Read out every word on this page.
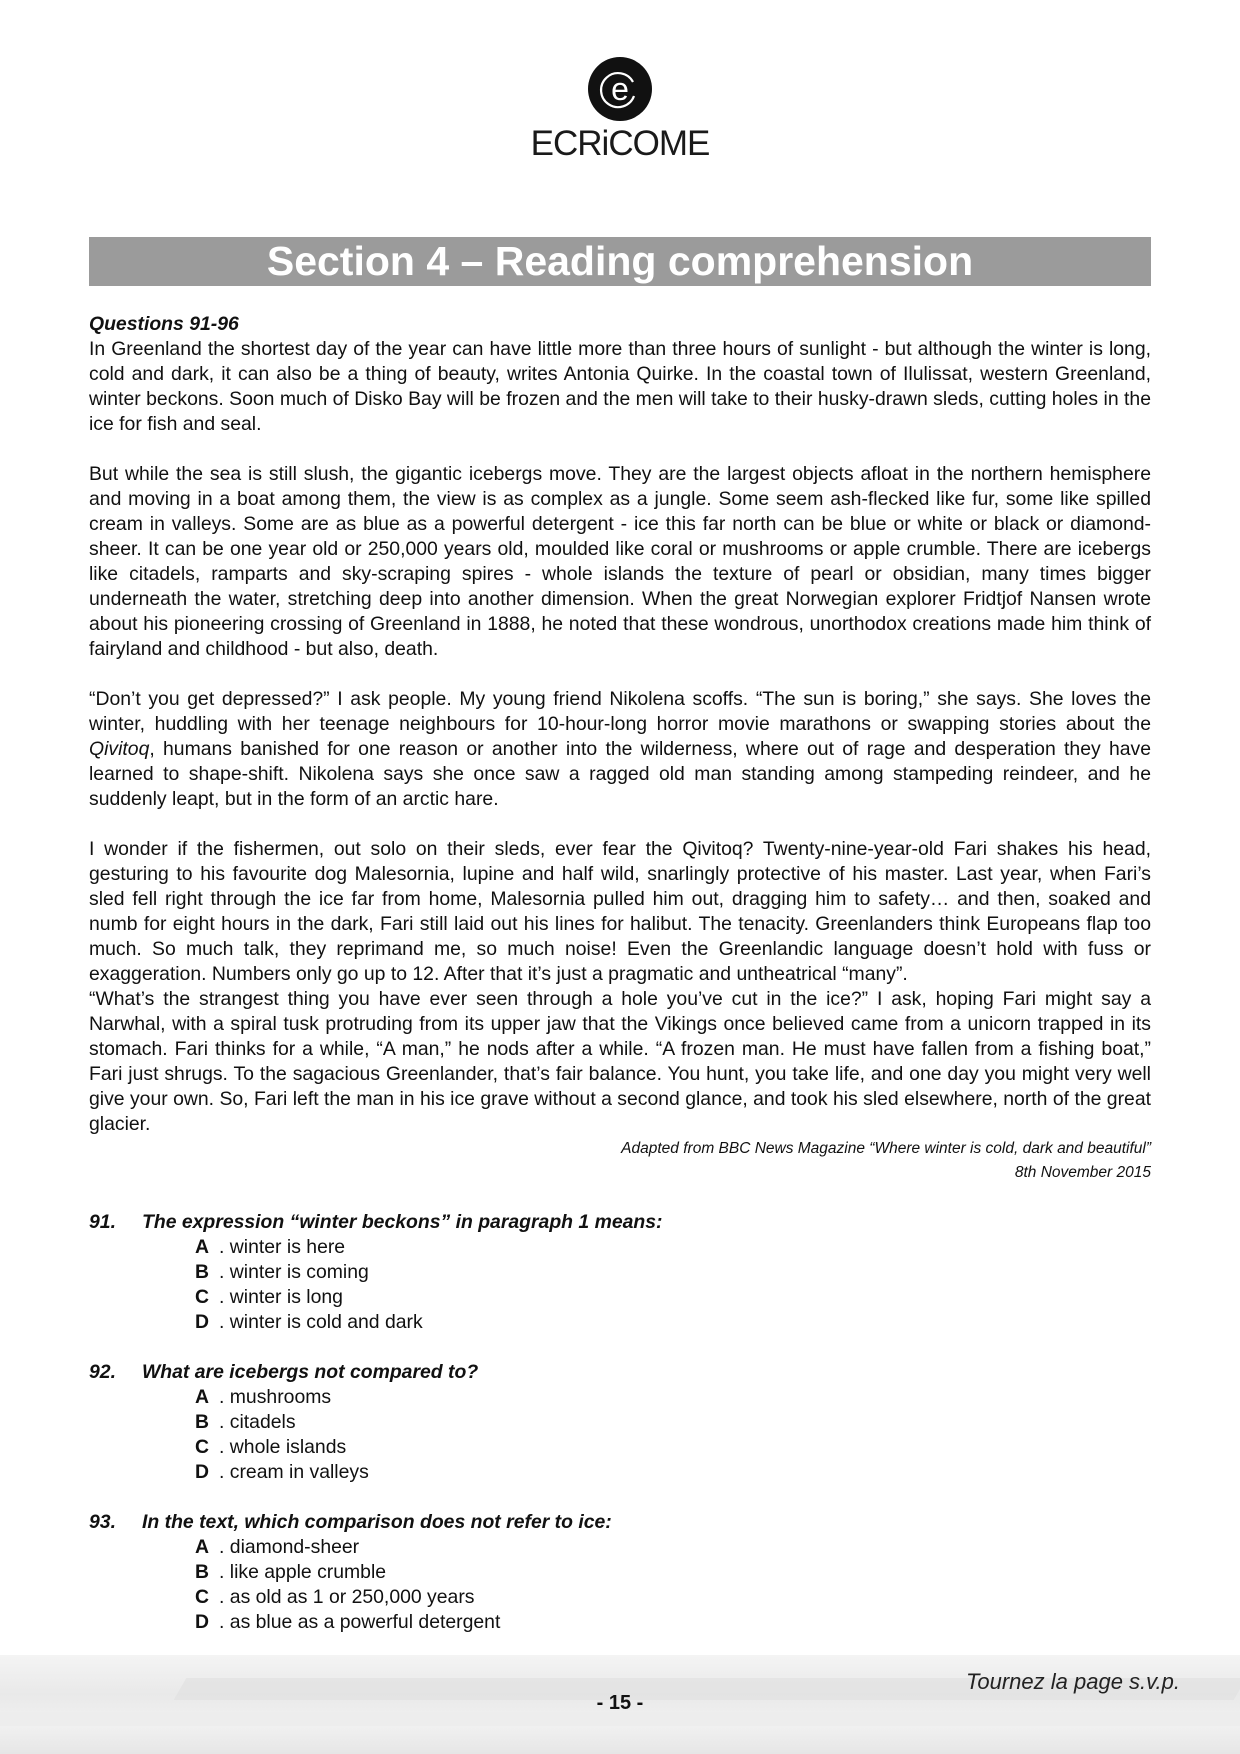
e
ECRiCOME
Section 4 – Reading comprehension

Questions 91-96

In Greenland the shortest day of the year can have little more than three hours of sunlight - but although the winter is long, cold and dark, it can also be a thing of beauty, writes Antonia Quirke. In the coastal town of Ilulissat, western Greenland, winter beckons. Soon much of Disko Bay will be frozen and the men will take to their husky-drawn sleds, cutting holes in the ice for fish and seal.

But while the sea is still slush, the gigantic icebergs move. They are the largest objects afloat in the northern hemisphere and moving in a boat among them, the view is as complex as a jungle. Some seem ash-flecked like fur, some like spilled cream in valleys. Some are as blue as a powerful detergent - ice this far north can be blue or white or black or diamond-sheer. It can be one year old or 250,000 years old, moulded like coral or mushrooms or apple crumble. There are icebergs like citadels, ramparts and sky-scraping spires - whole islands the texture of pearl or obsidian, many times bigger underneath the water, stretching deep into another dimension. When the great Norwegian explorer Fridtjof Nansen wrote about his pioneering crossing of Greenland in 1888, he noted that these wondrous, unorthodox creations made him think of fairyland and childhood - but also, death.

“Don’t you get depressed?” I ask people. My young friend Nikolena scoffs. “The sun is boring,” she says. She loves the winter, huddling with her teenage neighbours for 10-hour-long horror movie marathons or swapping stories about the Qivitoq, humans banished for one reason or another into the wilderness, where out of rage and desperation they have learned to shape-shift. Nikolena says she once saw a ragged old man standing among stampeding reindeer, and he suddenly leapt, but in the form of an arctic hare.

I wonder if the fishermen, out solo on their sleds, ever fear the Qivitoq? Twenty-nine-year-old Fari shakes his head, gesturing to his favourite dog Malesornia, lupine and half wild, snarlingly protective of his master. Last year, when Fari’s sled fell right through the ice far from home, Malesornia pulled him out, dragging him to safety… and then, soaked and numb for eight hours in the dark, Fari still laid out his lines for halibut. The tenacity. Greenlanders think Europeans flap too much. So much talk, they reprimand me, so much noise! Even the Greenlandic language doesn’t hold with fuss or exaggeration. Numbers only go up to 12. After that it’s just a pragmatic and untheatrical “many”.

“What’s the strangest thing you have ever seen through a hole you’ve cut in the ice?” I ask, hoping Fari might say a Narwhal, with a spiral tusk protruding from its upper jaw that the Vikings once believed came from a unicorn trapped in its stomach. Fari thinks for a while, “A man,” he nods after a while. “A frozen man. He must have fallen from a fishing boat,” Fari just shrugs. To the sagacious Greenlander, that’s fair balance. You hunt, you take life, and one day you might very well give your own. So, Fari left the man in his ice grave without a second glance, and took his sled elsewhere, north of the great glacier.

Adapted from BBC News Magazine “Where winter is cold, dark and beautiful”
8th November 2015
91.	The expression “winter beckons” in paragraph 1 means:
A . winter is here
B . winter is coming
C . winter is long
D . winter is cold and dark
92.	What are icebergs not compared to?
A . mushrooms
B . citadels
C . whole islands
D . cream in valleys
93.	In the text, which comparison does not refer to ice:
A . diamond-sheer
B . like apple crumble
C . as old as 1 or 250,000 years
D . as blue as a powerful detergent
Tournez la page s.v.p.
- 15 -
